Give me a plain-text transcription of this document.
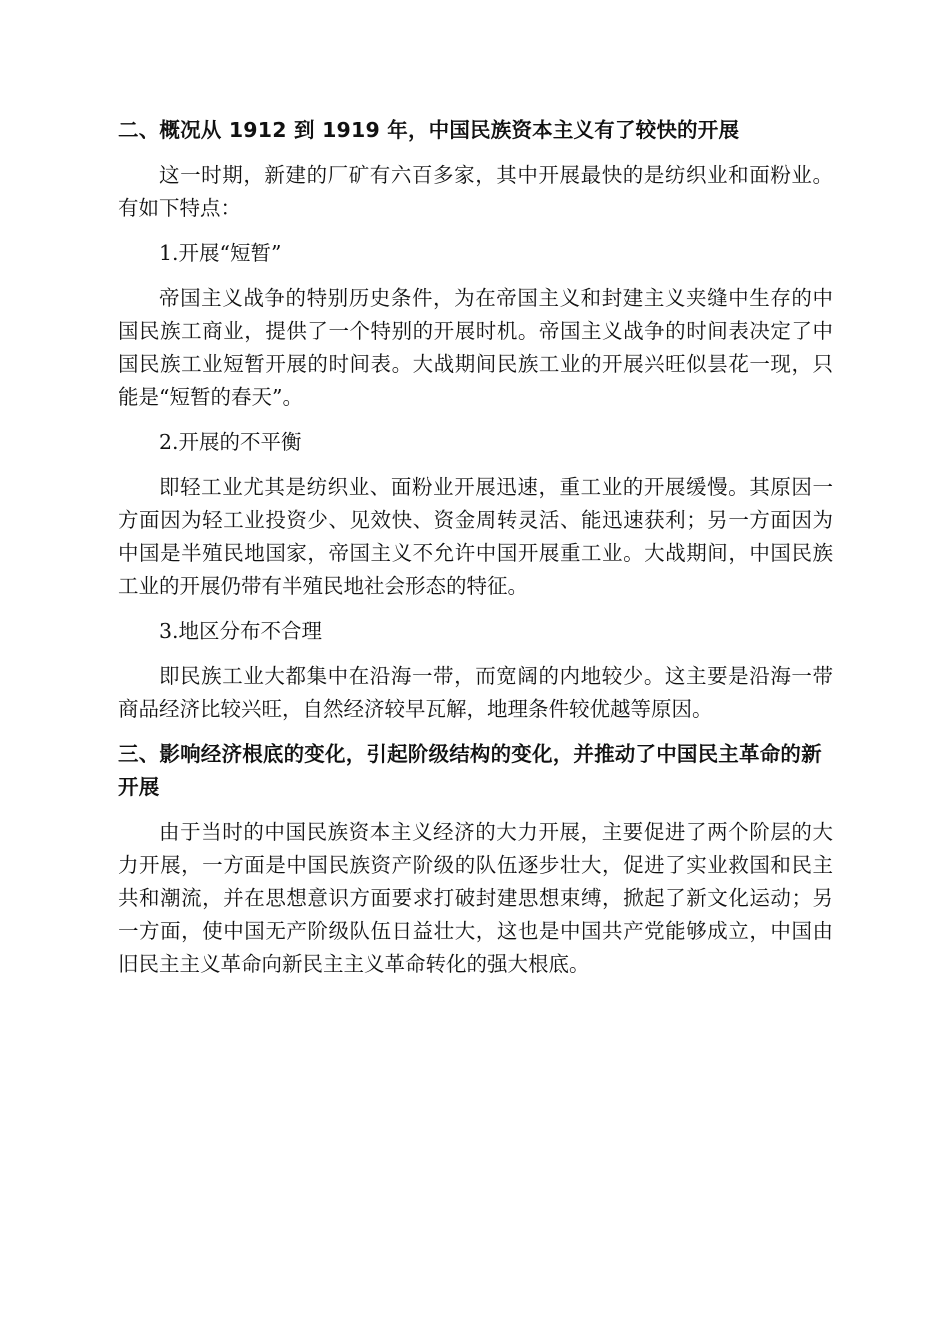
二、概况从 1912 到 1919 年，中国民族资本主义有了较快的开展

这一时期，新建的厂矿有六百多家，其中开展最快的是纺织业和面粉业。有如下特点：

1.开展“短暂”

帝国主义战争的特别历史条件，为在帝国主义和封建主义夹缝中生存的中国民族工商业，提供了一个特别的开展时机。帝国主义战争的时间表决定了中国民族工业短暂开展的时间表。大战期间民族工业的开展兴旺似昙花一现，只能是“短暂的春天”。

2.开展的不平衡

即轻工业尤其是纺织业、面粉业开展迅速，重工业的开展缓慢。其原因一方面因为轻工业投资少、见效快、资金周转灵活、能迅速获利；另一方面因为中国是半殖民地国家，帝国主义不允许中国开展重工业。大战期间，中国民族工业的开展仍带有半殖民地社会形态的特征。

3.地区分布不合理

即民族工业大都集中在沿海一带，而宽阔的内地较少。这主要是沿海一带商品经济比较兴旺，自然经济较早瓦解，地理条件较优越等原因。

三、影响经济根底的变化，引起阶级结构的变化，并推动了中国民主革命的新开展

由于当时的中国民族资本主义经济的大力开展，主要促进了两个阶层的大力开展，一方面是中国民族资产阶级的队伍逐步壮大，促进了实业救国和民主共和潮流，并在思想意识方面要求打破封建思想束缚，掀起了新文化运动；另一方面，使中国无产阶级队伍日益壮大，这也是中国共产党能够成立，中国由旧民主主义革命向新民主主义革命转化的强大根底。
